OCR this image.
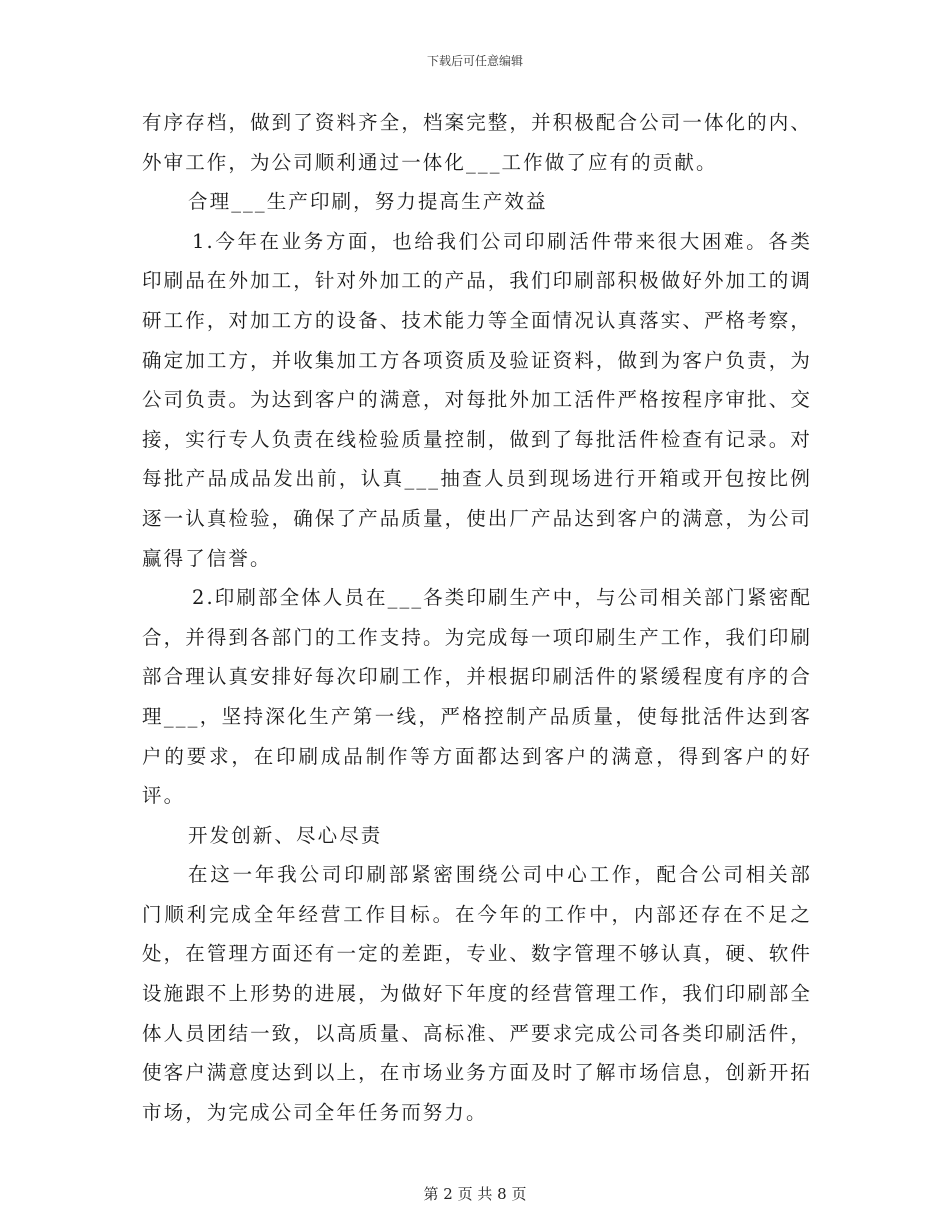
下载后可任意编辑

有序存档，做到了资料齐全，档案完整，并积极配合公司一体化的内、外审工作，为公司顺利通过一体化___工作做了应有的贡献。

合理___生产印刷，努力提高生产效益

1.今年在业务方面，也给我们公司印刷活件带来很大困难。各类印刷品在外加工，针对外加工的产品，我们印刷部积极做好外加工的调研工作，对加工方的设备、技术能力等全面情况认真落实、严格考察，确定加工方，并收集加工方各项资质及验证资料，做到为客户负责，为公司负责。为达到客户的满意，对每批外加工活件严格按程序审批、交接，实行专人负责在线检验质量控制，做到了每批活件检查有记录。对每批产品成品发出前，认真___抽查人员到现场进行开箱或开包按比例逐一认真检验，确保了产品质量，使出厂产品达到客户的满意，为公司赢得了信誉。

2.印刷部全体人员在___各类印刷生产中，与公司相关部门紧密配合，并得到各部门的工作支持。为完成每一项印刷生产工作，我们印刷部合理认真安排好每次印刷工作，并根据印刷活件的紧缓程度有序的合理___，坚持深化生产第一线，严格控制产品质量，使每批活件达到客户的要求，在印刷成品制作等方面都达到客户的满意，得到客户的好评。

开发创新、尽心尽责

在这一年我公司印刷部紧密围绕公司中心工作，配合公司相关部门顺利完成全年经营工作目标。在今年的工作中，内部还存在不足之处，在管理方面还有一定的差距，专业、数字管理不够认真，硬、软件设施跟不上形势的进展，为做好下年度的经营管理工作，我们印刷部全体人员团结一致，以高质量、高标准、严要求完成公司各类印刷活件，使客户满意度达到以上，在市场业务方面及时了解市场信息，创新开拓市场，为完成公司全年任务而努力。

第 2 页 共 8 页
